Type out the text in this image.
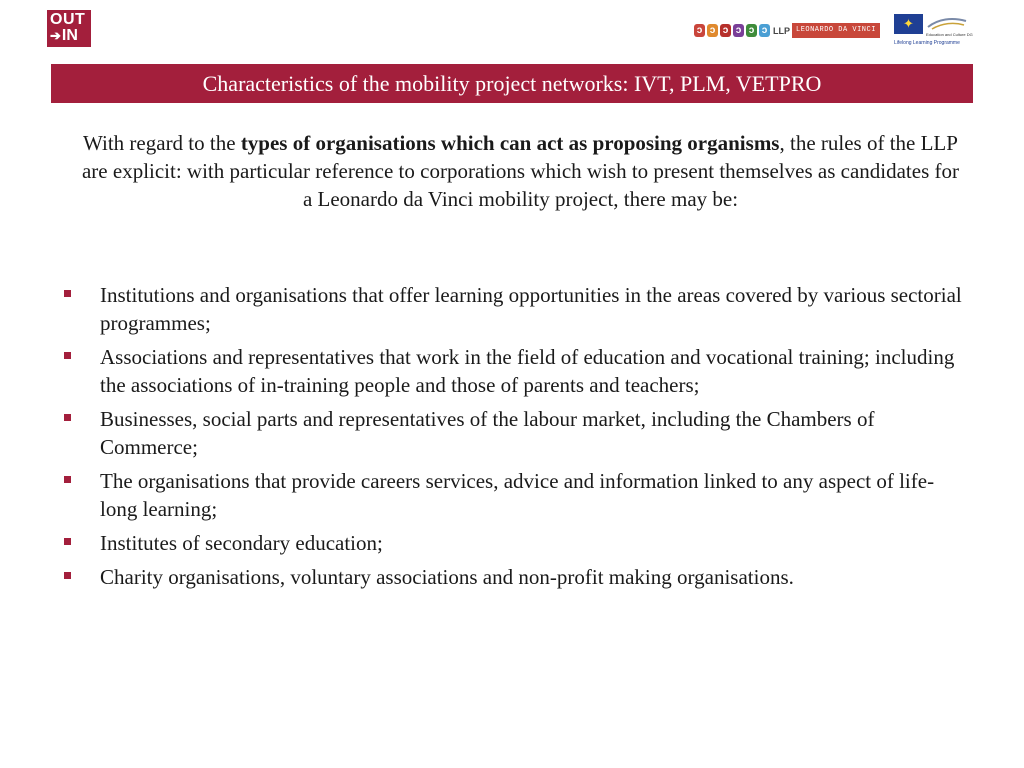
OUT
➔ IN	ɔ ɔ ɔ ɔ ɔ ɔ LLP LEONARDO DA VINCI	✦
Education and Culture DG
Lifelong Learning Programme
Characteristics of the mobility project networks: IVT, PLM, VETPRO
With regard to the types of organisations which can act as proposing organisms, the rules of the LLP are explicit: with particular reference to corporations which wish to present themselves as candidates for a Leonardo da Vinci mobility project, there may be:
Institutions and organisations that offer learning opportunities in the areas covered by various sectorial programmes;
Associations and representatives that work in the field of education and vocational training; including the associations of in-training people and those of parents and teachers;
Businesses, social parts and representatives of the labour market, including the Chambers of Commerce;
The organisations that provide careers services, advice and information linked to any aspect of life-long learning;
Institutes of secondary education;
Charity organisations, voluntary associations and non-profit making organisations.
